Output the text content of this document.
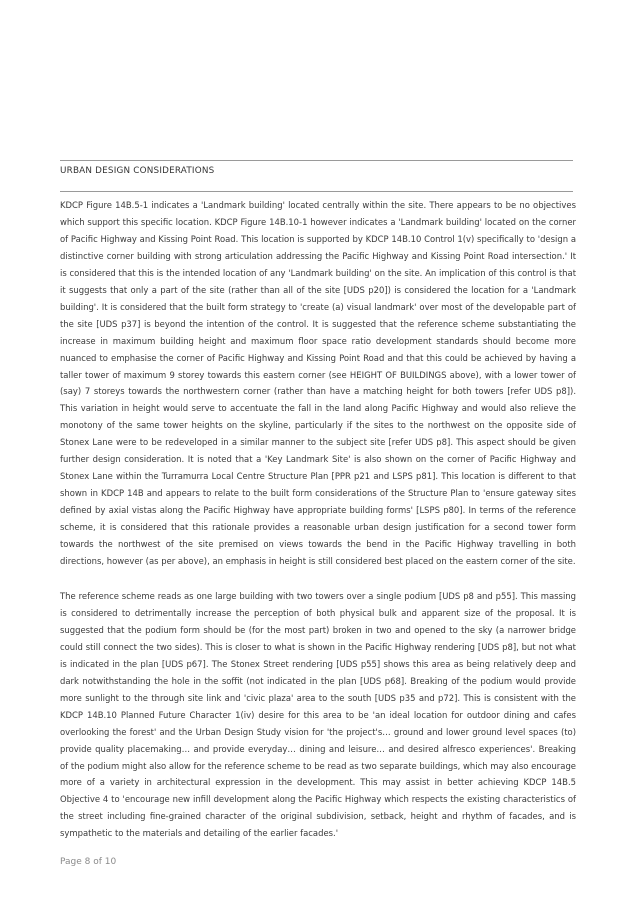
URBAN DESIGN CONSIDERATIONS

KDCP Figure 14B.5-1 indicates a 'Landmark building' located centrally within the site. There appears to be no objectives which support this specific location. KDCP Figure 14B.10-1 however indicates a 'Landmark building' located on the corner of Pacific Highway and Kissing Point Road. This location is supported by KDCP 14B.10 Control 1(v) specifically to 'design a distinctive corner building with strong articulation addressing the Pacific Highway and Kissing Point Road intersection.' It is considered that this is the intended location of any 'Landmark building' on the site. An implication of this control is that it suggests that only a part of the site (rather than all of the site [UDS p20]) is considered the location for a 'Landmark building'. It is considered that the built form strategy to 'create (a) visual landmark' over most of the developable part of the site [UDS p37] is beyond the intention of the control. It is suggested that the reference scheme substantiating the increase in maximum building height and maximum floor space ratio development standards should become more nuanced to emphasise the corner of Pacific Highway and Kissing Point Road and that this could be achieved by having a taller tower of maximum 9 storey towards this eastern corner (see HEIGHT OF BUILDINGS above), with a lower tower of (say) 7 storeys towards the northwestern corner (rather than have a matching height for both towers [refer UDS p8]). This variation in height would serve to accentuate the fall in the land along Pacific Highway and would also relieve the monotony of the same tower heights on the skyline, particularly if the sites to the northwest on the opposite side of Stonex Lane were to be redeveloped in a similar manner to the subject site [refer UDS p8]. This aspect should be given further design consideration. It is noted that a 'Key Landmark Site' is also shown on the corner of Pacific Highway and Stonex Lane within the Turramurra Local Centre Structure Plan [PPR p21 and LSPS p81]. This location is different to that shown in KDCP 14B and appears to relate to the built form considerations of the Structure Plan to 'ensure gateway sites defined by axial vistas along the Pacific Highway have appropriate building forms' [LSPS p80]. In terms of the reference scheme, it is considered that this rationale provides a reasonable urban design justification for a second tower form towards the northwest of the site premised on views towards the bend in the Pacific Highway travelling in both directions, however (as per above), an emphasis in height is still considered best placed on the eastern corner of the site.

The reference scheme reads as one large building with two towers over a single podium [UDS p8 and p55]. This massing is considered to detrimentally increase the perception of both physical bulk and apparent size of the proposal. It is suggested that the podium form should be (for the most part) broken in two and opened to the sky (a narrower bridge could still connect the two sides). This is closer to what is shown in the Pacific Highway rendering [UDS p8], but not what is indicated in the plan [UDS p67]. The Stonex Street rendering [UDS p55] shows this area as being relatively deep and dark notwithstanding the hole in the soffit (not indicated in the plan [UDS p68]. Breaking of the podium would provide more sunlight to the through site link and 'civic plaza' area to the south [UDS p35 and p72]. This is consistent with the KDCP 14B.10 Planned Future Character 1(iv) desire for this area to be 'an ideal location for outdoor dining and cafes overlooking the forest' and the Urban Design Study vision for 'the project's… ground and lower ground level spaces (to) provide quality placemaking… and provide everyday… dining and leisure… and desired alfresco experiences'. Breaking of the podium might also allow for the reference scheme to be read as two separate buildings, which may also encourage more of a variety in architectural expression in the development. This may assist in better achieving KDCP 14B.5 Objective 4 to 'encourage new infill development along the Pacific Highway which respects the existing characteristics of the street including fine-grained character of the original subdivision, setback, height and rhythm of facades, and is sympathetic to the materials and detailing of the earlier facades.'

Page 8 of 10
